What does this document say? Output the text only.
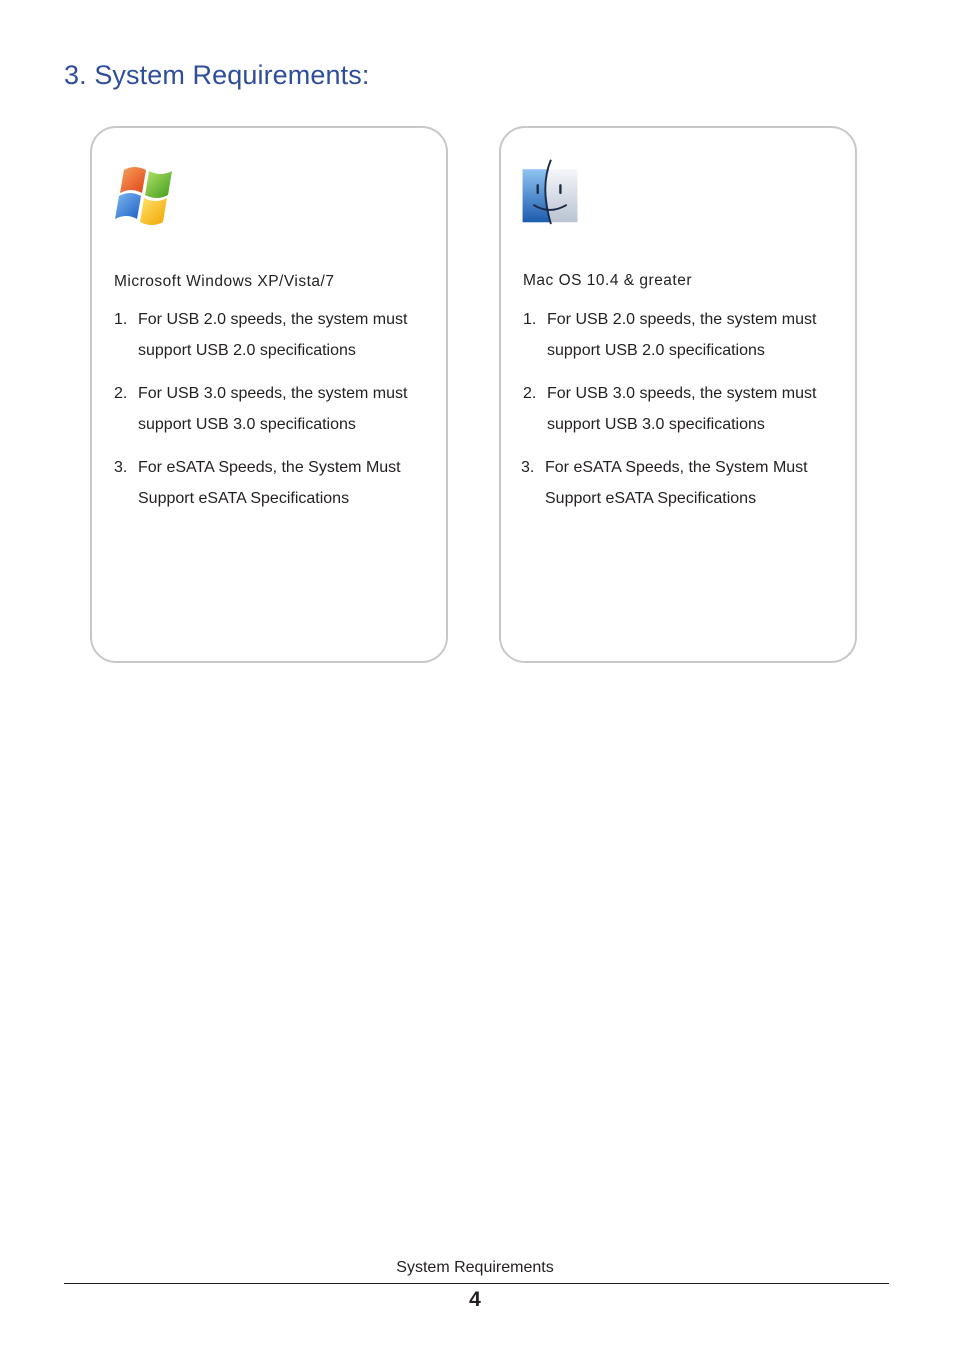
3. System Requirements:
Microsoft Windows XP/Vista/7
1. For USB 2.0 speeds, the system must
support USB 2.0 specifications
2. For USB 3.0 speeds, the system must
support USB 3.0 specifications
3. For eSATA Speeds, the System Must
Support eSATA Specifications
Mac OS 10.4 & greater
1. For USB 2.0 speeds, the system must
support USB 2.0 specifications
2. For USB 3.0 speeds, the system must
support USB 3.0 specifications
3. For eSATA Speeds, the System Must
Support eSATA Specifications
System Requirements
4
